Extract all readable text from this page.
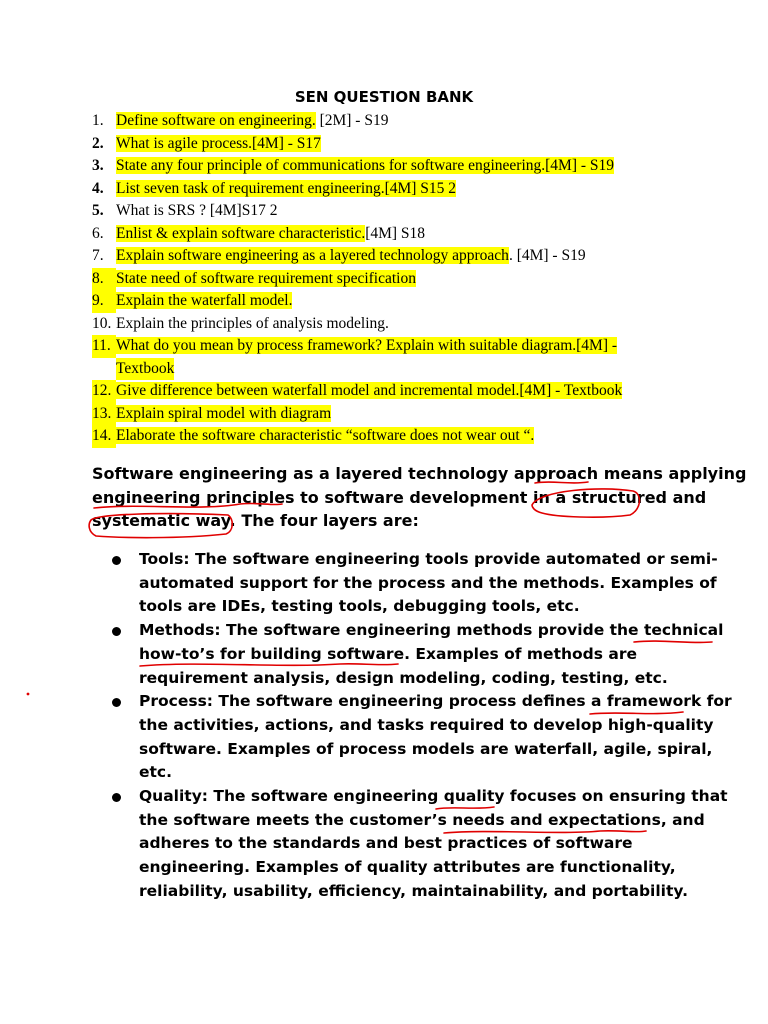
SEN QUESTION BANK
1. Define software on engineering. [2M] - S19
2. What is agile process.[4M] - S17
3. State any four principle of communications for software engineering.[4M] - S19
4. List seven task of requirement engineering.[4M] S15 2
5. What is SRS ? [4M]S17 2
6. Enlist & explain software characteristic.[4M] S18
7. Explain software engineering as a layered technology approach. [4M] - S19
8. State need of software requirement specification
9. Explain the waterfall model.
10. Explain the principles of analysis modeling.
11. What do you mean by process framework? Explain with suitable diagram.[4M] -
Textbook
12. Give difference between waterfall model and incremental model.[4M] - Textbook
13. Explain spiral model with diagram
14. Elaborate the software characteristic “software does not wear out “.
Software engineering as a layered technology approach means applying
engineering principles to software development in a structured and
systematic way. The four layers are:
Tools: The software engineering tools provide automated or semi-
automated support for the process and the methods. Examples of
tools are IDEs, testing tools, debugging tools, etc.
Methods: The software engineering methods provide the technical
how-to’s for building software. Examples of methods are
requirement analysis, design modeling, coding, testing, etc.
Process: The software engineering process defines a framework for
the activities, actions, and tasks required to develop high-quality
software. Examples of process models are waterfall, agile, spiral,
etc.
Quality: The software engineering quality focuses on ensuring that
the software meets the customer’s needs and expectations, and
adheres to the standards and best practices of software
engineering. Examples of quality attributes are functionality,
reliability, usability, efficiency, maintainability, and portability.
